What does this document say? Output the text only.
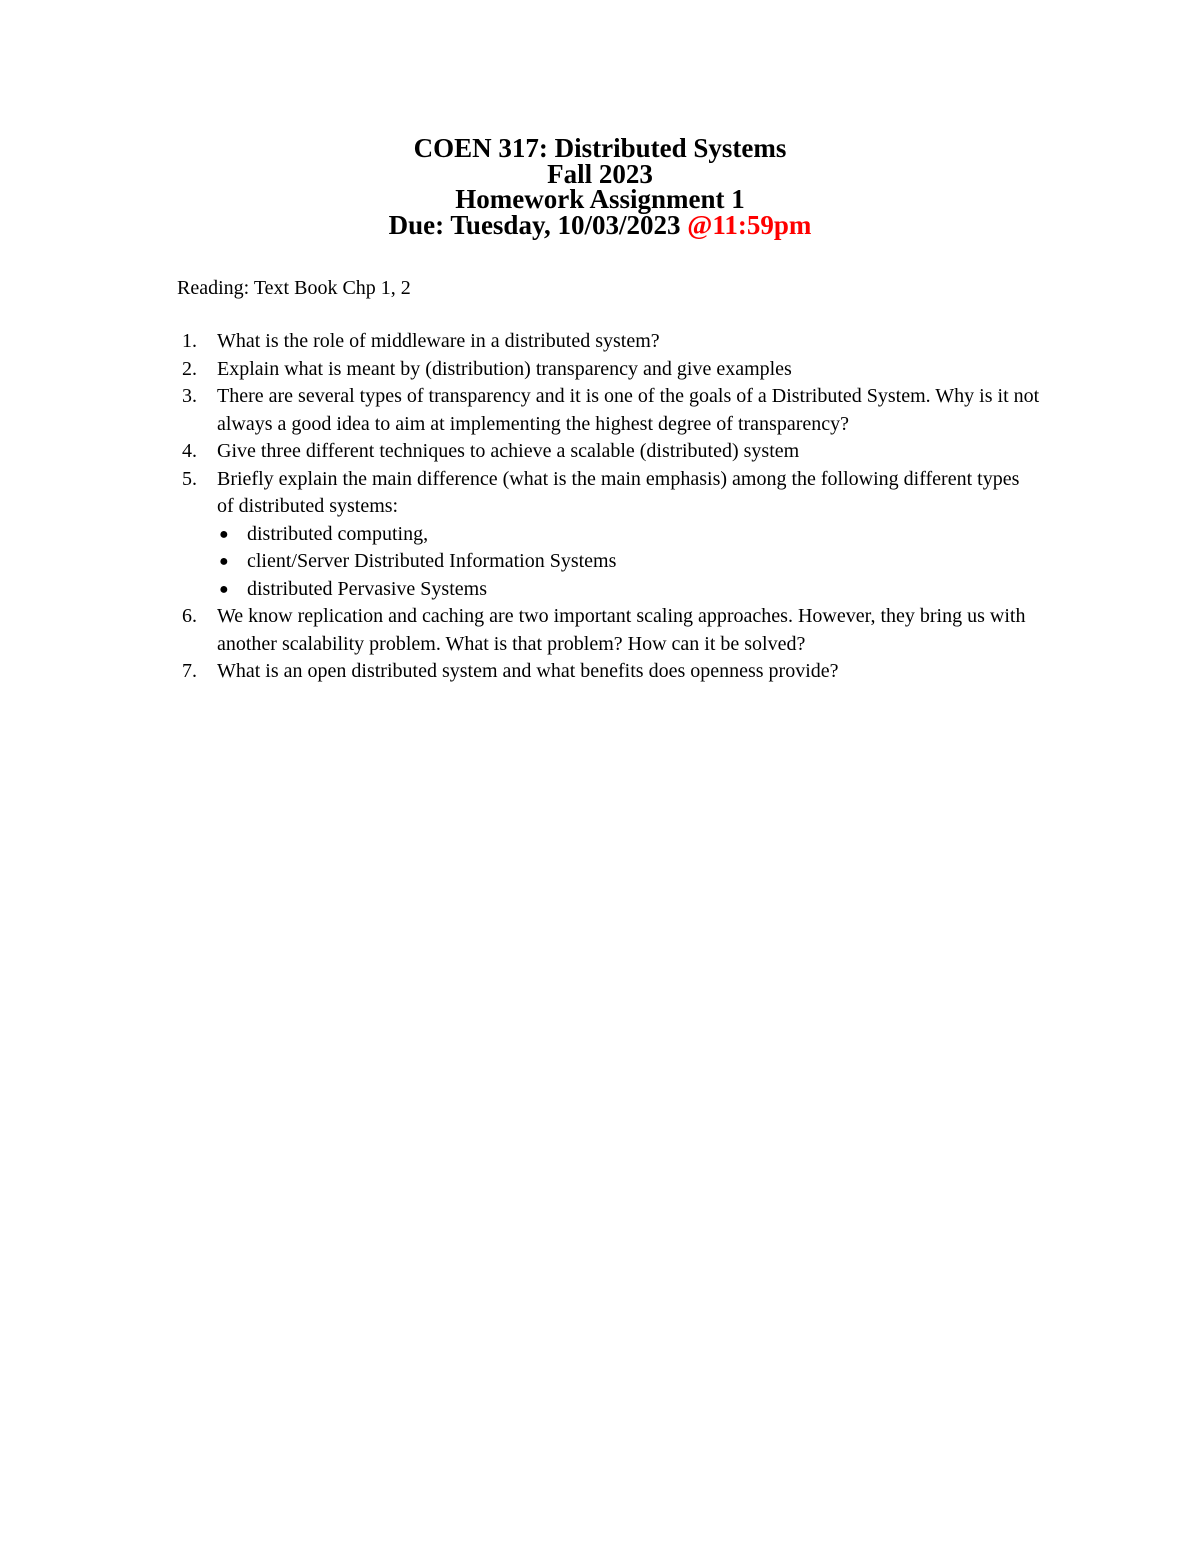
COEN 317: Distributed Systems
Fall 2023
Homework Assignment 1
Due: Tuesday, 10/03/2023 @11:59pm
Reading: Text Book Chp 1, 2
1. What is the role of middleware in a distributed system?
2. Explain what is meant by (distribution) transparency and give examples
3. There are several types of transparency and it is one of the goals of a Distributed System. Why is it not always a good idea to aim at implementing the highest degree of transparency?
4. Give three different techniques to achieve a scalable (distributed) system
5. Briefly explain the main difference (what is the main emphasis) among the following different types of distributed systems:
● distributed computing,
● client/Server Distributed Information Systems
● distributed Pervasive Systems
6. We know replication and caching are two important scaling approaches. However, they bring us with another scalability problem. What is that problem? How can it be solved?
7. What is an open distributed system and what benefits does openness provide?
